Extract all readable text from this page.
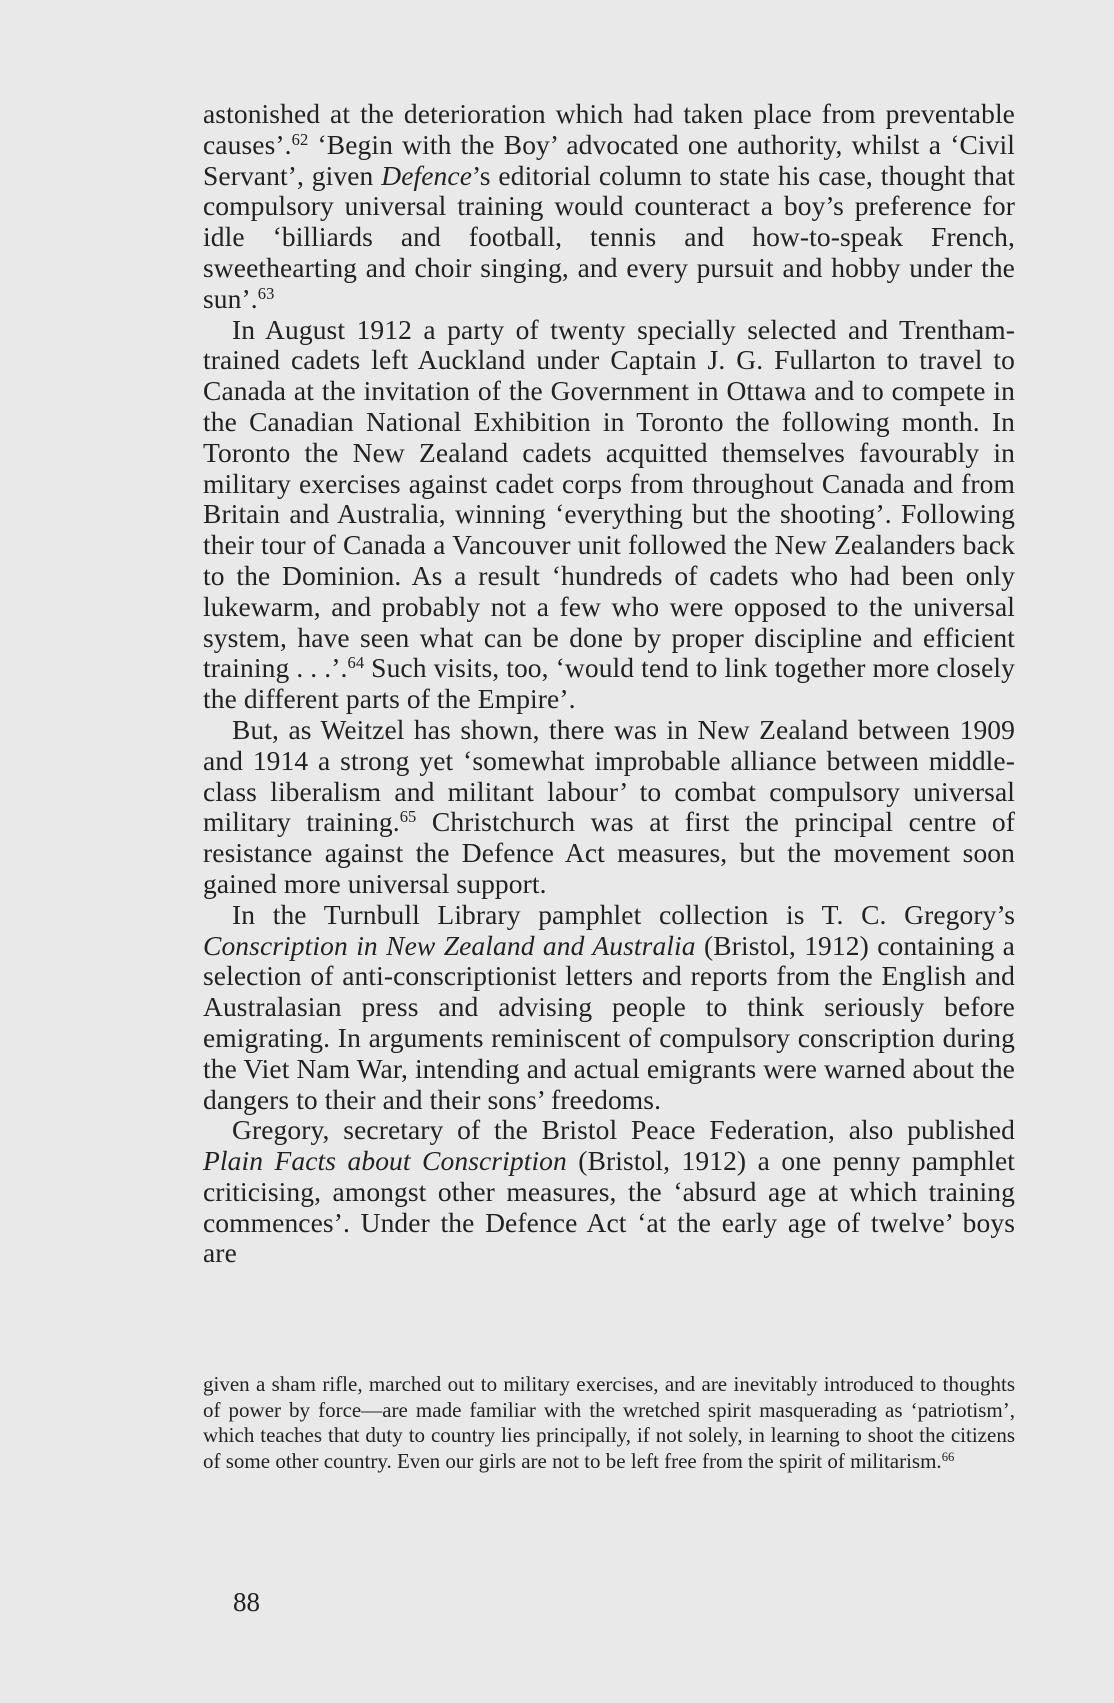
astonished at the deterioration which had taken place from preventable causes’.$^{62}$ ‘Begin with the Boy’ advocated one authority, whilst a ‘Civil Servant’, given Defence’s editorial column to state his case, thought that compulsory universal training would counteract a boy’s preference for idle ‘billiards and football, tennis and how-to-speak French, sweethearting and choir singing, and every pursuit and hobby under the sun’.$^{63}$

In August 1912 a party of twenty specially selected and Trentham-trained cadets left Auckland under Captain J. G. Fullarton to travel to Canada at the invitation of the Government in Ottawa and to compete in the Canadian National Exhibition in Toronto the following month. In Toronto the New Zealand cadets acquitted themselves favourably in military exercises against cadet corps from throughout Canada and from Britain and Australia, winning ‘everything but the shooting’. Following their tour of Canada a Vancouver unit followed the New Zealanders back to the Dominion. As a result ‘hundreds of cadets who had been only lukewarm, and probably not a few who were opposed to the universal system, have seen what can be done by proper discipline and efficient training . . .’.$^{64}$ Such visits, too, ‘would tend to link together more closely the different parts of the Empire’.

But, as Weitzel has shown, there was in New Zealand between 1909 and 1914 a strong yet ‘somewhat improbable alliance between middle-class liberalism and militant labour’ to combat compulsory universal military training.$^{65}$ Christchurch was at first the principal centre of resistance against the Defence Act measures, but the movement soon gained more universal support.

In the Turnbull Library pamphlet collection is T. C. Gregory’s Conscription in New Zealand and Australia (Bristol, 1912) containing a selection of anti-conscriptionist letters and reports from the English and Australasian press and advising people to think seriously before emigrating. In arguments reminiscent of compulsory conscription during the Viet Nam War, intending and actual emigrants were warned about the dangers to their and their sons’ freedoms.

Gregory, secretary of the Bristol Peace Federation, also published Plain Facts about Conscription (Bristol, 1912) a one penny pamphlet criticising, amongst other measures, the ‘absurd age at which training commences’. Under the Defence Act ‘at the early age of twelve’ boys are

given a sham rifle, marched out to military exercises, and are inevitably introduced to thoughts of power by force—are made familiar with the wretched spirit masquerading as ‘patriotism’, which teaches that duty to country lies principally, if not solely, in learning to shoot the citizens of some other country. Even our girls are not to be left free from the spirit of militarism.$^{66}$

88
